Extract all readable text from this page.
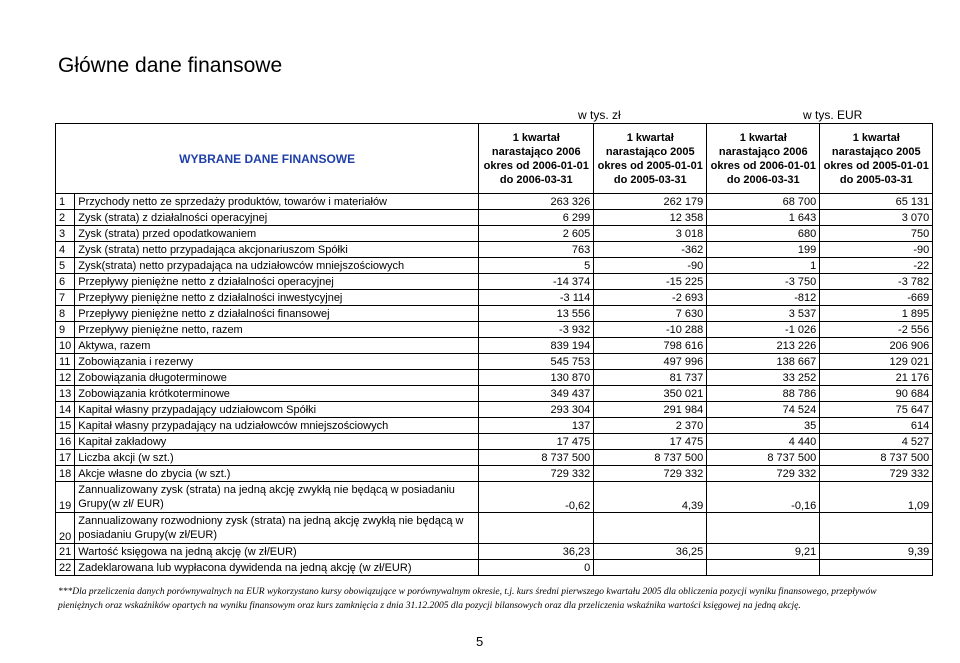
Główne dane finansowe
w tys. zł	w tys. EUR
WYBRANE DANE FINANSOWE		1 kwartał narastająco 2006 okres od 2006-01-01 do 2006-03-31	1 kwartał narastająco 2005 okres od 2005-01-01 do 2005-03-31	1 kwartał narastająco 2006 okres od 2006-01-01 do 2006-03-31	1 kwartał narastająco 2005 okres od 2005-01-01 do 2005-03-31
1	Przychody netto ze sprzedaży produktów, towarów i materiałów	263 326	262 179	68 700	65 131
2	Zysk (strata) z działalności operacyjnej	6 299	12 358	1 643	3 070
3	Zysk (strata) przed opodatkowaniem	2 605	3 018	680	750
4	Zysk (strata) netto przypadająca akcjonariuszom Spółki	763	-362	199	-90
5	Zysk(strata) netto przypadająca na udziałowców mniejszościowych	5	-90	1	-22
6	Przepływy pieniężne netto z działalności operacyjnej	-14 374	-15 225	-3 750	-3 782
7	Przepływy pieniężne netto z działalności inwestycyjnej	-3 114	-2 693	-812	-669
8	Przepływy pieniężne netto z działalności finansowej	13 556	7 630	3 537	1 895
9	Przepływy pieniężne netto, razem	-3 932	-10 288	-1 026	-2 556
10	Aktywa, razem	839 194	798 616	213 226	206 906
11	Zobowiązania i rezerwy	545 753	497 996	138 667	129 021
12	Zobowiązania długoterminowe	130 870	81 737	33 252	21 176
13	Zobowiązania krótkoterminowe	349 437	350 021	88 786	90 684
14	Kapitał własny przypadający udziałowcom Spółki	293 304	291 984	74 524	75 647
15	Kapitał własny przypadający na udziałowców mniejszościowych	137	2 370	35	614
16	Kapitał zakładowy	17 475	17 475	4 440	4 527
17	Liczba akcji (w szt.)	8 737 500	8 737 500	8 737 500	8 737 500
18	Akcje własne do zbycia (w szt.)	729 332	729 332	729 332	729 332
19	Zannualizowany zysk (strata) na jedną akcję zwykłą nie będącą w posiadaniu Grupy(w zł/ EUR)	-0,62	4,39	-0,16	1,09
20	Zannualizowany rozwodniony zysk (strata) na jedną akcję zwykłą nie będącą w posiadaniu Grupy(w zł/EUR)				
21	Wartość księgowa na jedną akcję (w zł/EUR)	36,23	36,25	9,21	9,39
22	Zadeklarowana lub wypłacona dywidenda na jedną akcję (w zł/EUR)	0			
***Dla przeliczenia danych porównywalnych na EUR wykorzystano kursy obowiązujące w porównywalnym okresie, t.j. kurs średni pierwszego kwartału 2005 dla obliczenia pozycji wyniku finansowego, przepływów pieniężnych oraz wskaźników opartych na wyniku finansowym oraz kurs zamknięcia z dnia 31.12.2005 dla pozycji bilansowych oraz dla przeliczenia wskaźnika wartości księgowej na jedną akcję.
5
